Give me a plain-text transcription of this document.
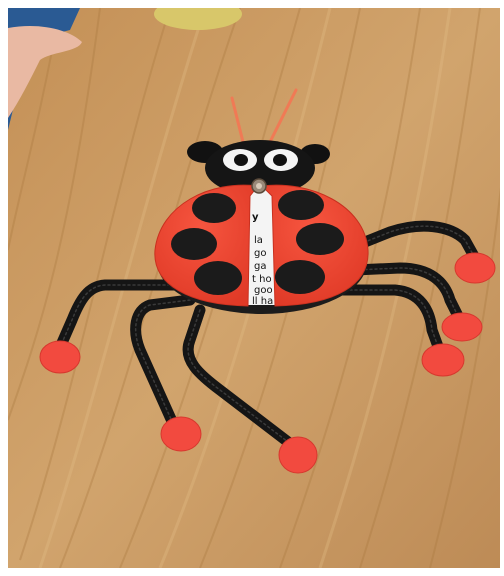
y
la
go
ga
t ho
goo
ll ha
